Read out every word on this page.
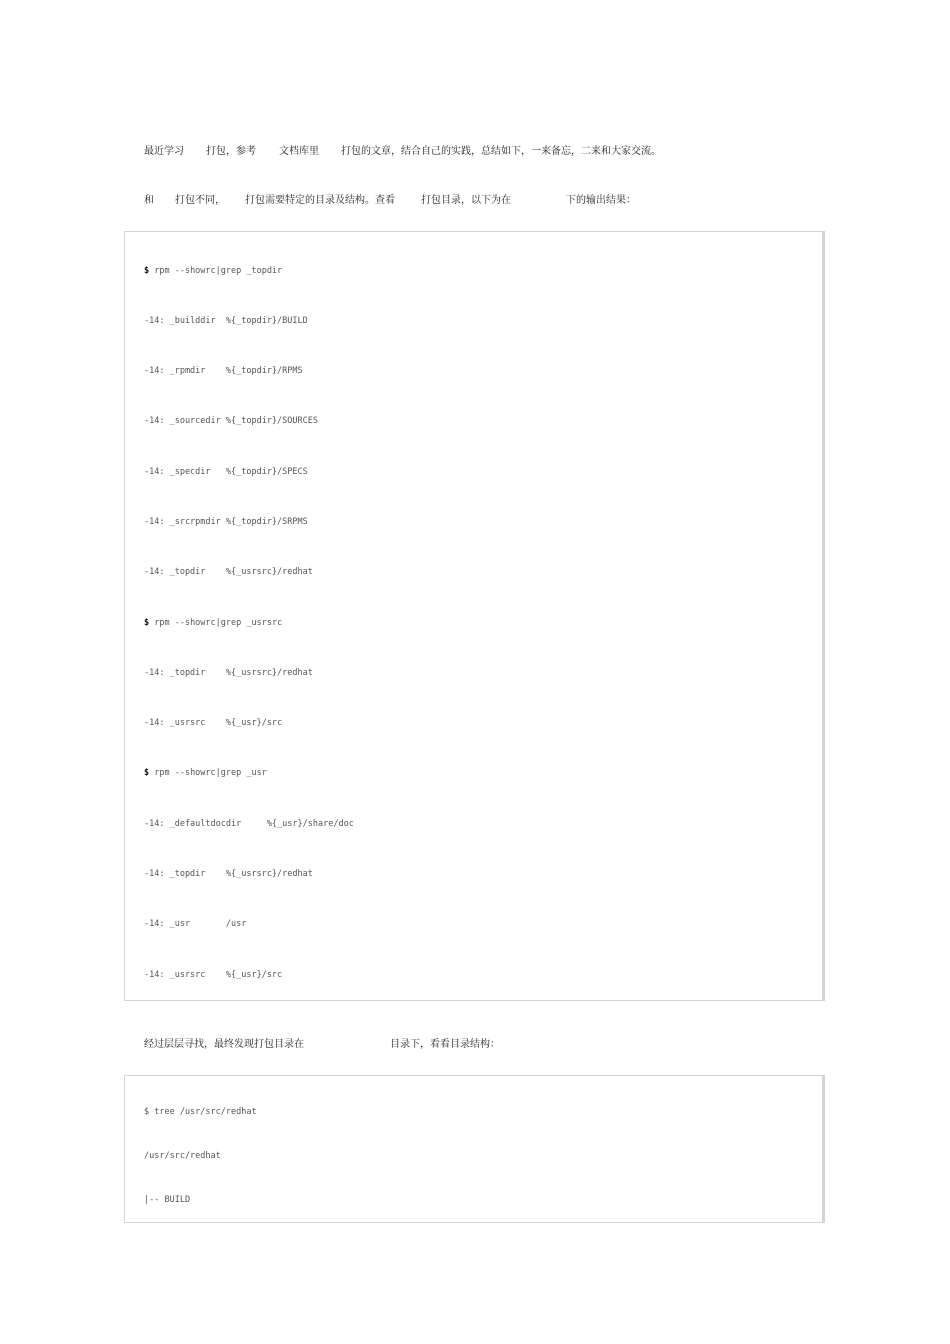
最近学习

打包，参考

文档库里

打包的文章，结合自己的实践，总结如下，一来备忘，二来和大家交流。

和

打包不同，

打包需要特定的目录及结构。查看

	打包目录，以下为在

	下的输出结果：

$ rpm --showrc|grep _topdir
-14: _builddir  %{_topdir}/BUILD
-14: _rpmdir    %{_topdir}/RPMS
-14: _sourcedir %{_topdir}/SOURCES
-14: _specdir   %{_topdir}/SPECS
-14: _srcrpmdir %{_topdir}/SRPMS
-14: _topdir    %{_usrsrc}/redhat
$ rpm --showrc|grep _usrsrc
-14: _topdir    %{_usrsrc}/redhat
-14: _usrsrc    %{_usr}/src
$ rpm --showrc|grep _usr
-14: _defaultdocdir     %{_usr}/share/doc
-14: _topdir    %{_usrsrc}/redhat
-14: _usr       /usr
-14: _usrsrc    %{_usr}/src

经过层层寻找，最终发现打包目录在

	目录下，看看目录结构：

$ tree /usr/src/redhat
/usr/src/redhat
|-- BUILD
